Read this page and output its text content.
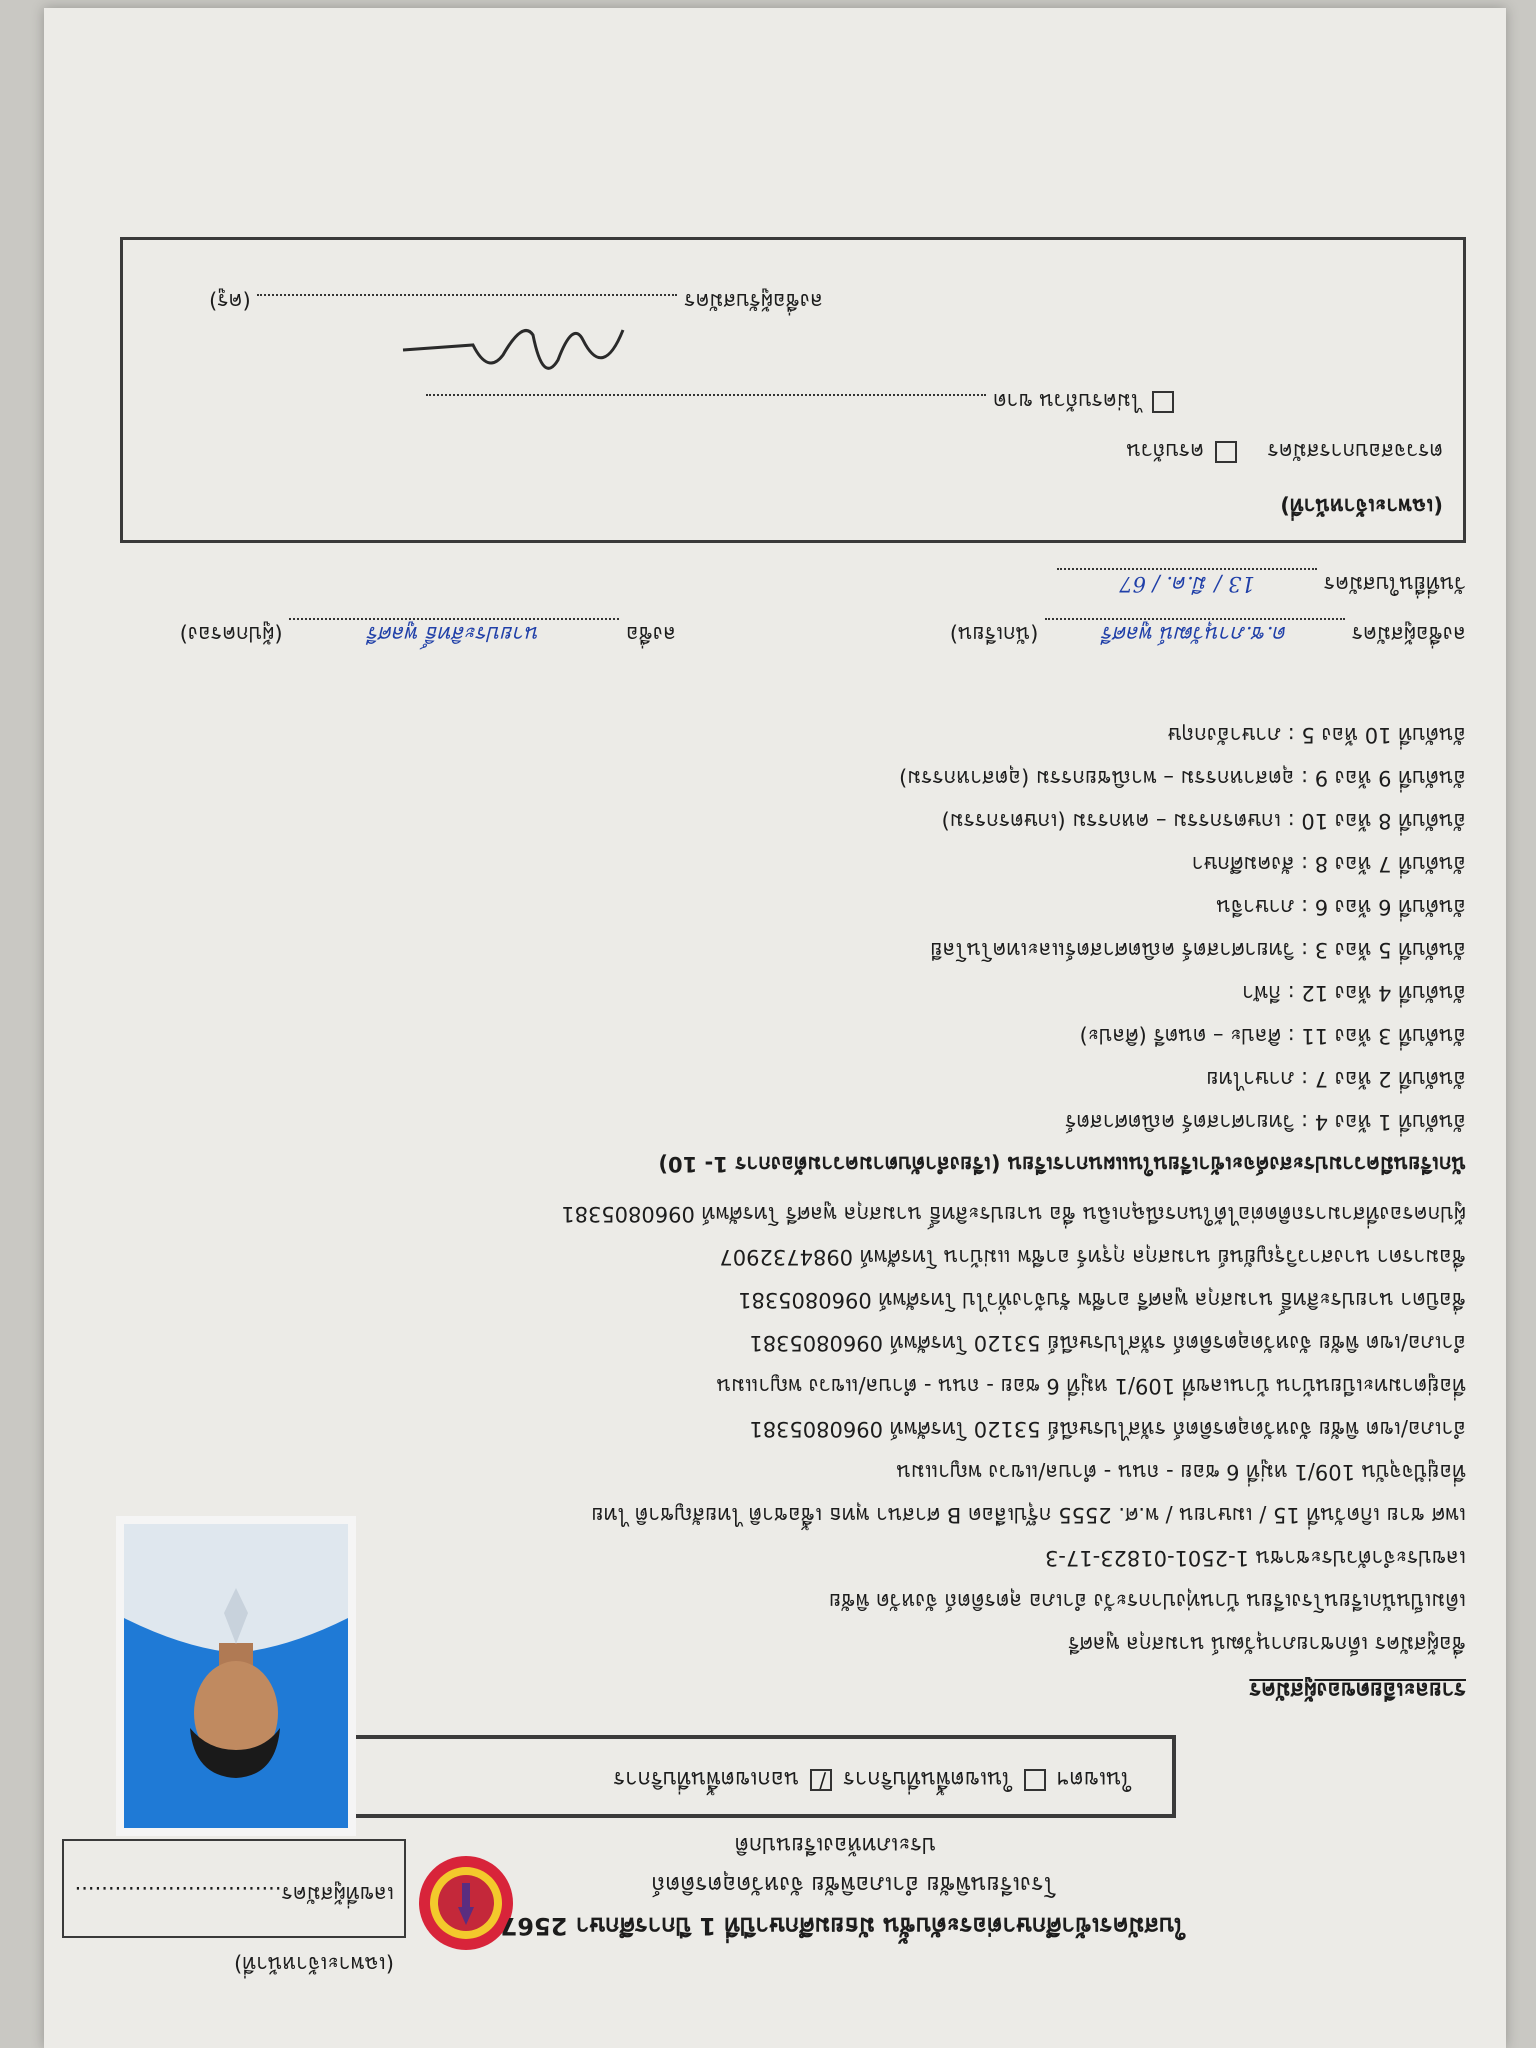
(เฉพาะเจ้าหน้าที่)
เลขที่ผู้สมัคร...............................
ใบสมัครเข้าศึกษาต่อระดับชั้น มัธยมศึกษาปีที่ 1 ปีการศึกษา 2567
โรงเรียนพิชัย อำเภอพิชัย จังหวัดอุตรดิตถ์
ประเภทห้องเรียนปกติ
ในเขตฯ  ในเขตพื้นที่บริการ / นอกเขตพื้นที่บริการ
รายละเอียดของผู้สมัคร
ชื่อผู้สมัคร เด็กชายภานุวัฒน์ นามสกุล พูลศรี
เดิมเป็นนักเรียนโรงเรียน บ้านทุ่งปากระวัง อำเภอ ลุตรดิตถ์ จังหวัด พิชัย
เลขประจำตัวประชาชน 1-2501-01823-17-3
เพศ ชาย เกิดวันที่ 15 / เมษายน / พ.ศ. 2555 กรุ๊ปเลือด B ศาสนา พุทธ เชื้อชาติ ไทยสัญชาติ ไทย
ที่อยู่ปัจจุบัน 109/1 หมู่ที่ 6 ซอย - ถนน - ตำบล/แขวง พญาแมน
อำเภอ/เขต พิชัย จังหวัดอุตรดิตถ์ รหัสไปรษณีย์ 53120 โทรศัพท์ 0960805381
ที่อยู่ตามทะเบียนบ้าน บ้านเลขที่ 109/1 หมู่ที่ 6 ซอย - ถนน - ตำบล/แขวง พญาแมน
อำเภอ/เขต พิชัย จังหวัดอุตรดิตถ์ รหัสไปรษณีย์ 53120 โทรศัพท์ 0960805381
ชื่อบิดา นายประสิทธิ์ นามสกุล พูลศรี อาชีพ รับจ้างทั่วไป โทรศัพท์ 0960805381
ชื่อมารดา นางสาววิรุญยันย์ นามสกุล กุรุทร์ อาชีพ แม่บ้าน โทรศัพท์ 0984732907
ผู้ปกครองที่สามารถติดต่อได้ในกรณีฉุกเฉิน ชื่อ นายประสิทธิ์ นามสกุล พูลศรี โทรศัพท์ 0960805381
นักเรียนมีความประสงค์จะเข้าเรียนในแผนการเรียน (เรียงลำดับตามความต้องการ 1- 10)
อันดับที่ 1 ห้อง 4 : วิทยาศาสตร์ คณิตศาสตร์
อันดับที่ 2 ห้อง 7 : ภาษาไทย
อันดับที่ 3 ห้อง 11 : ศิลปะ – ดนตรี (ศิลปะ)
อันดับที่ 4 ห้อง 12 : กีฬา
อันดับที่ 5 ห้อง 3 : วิทยาศาสตร์ คณิตศาสตร์และเทคโนโลยี
อันดับที่ 6 ห้อง 6 : ภาษาจีน
อันดับที่ 7 ห้อง 8 : สังคมศึกษา
อันดับที่ 8 ห้อง 10 : เกษตรกรรม – คหกรรม (เกษตรกรรม)
อันดับที่ 9 ห้อง 9 : อุตสาหกรรม – พาณิชยกรรม (อุตสาหกรรม)
อันดับที่ 10 ห้อง 5 : ภาษาอังกฤษ
ลงชื่อผู้สมัคร ด.ช.ภานุวัฒน์ พูลศรี (นักเรียน)
ลงชื่อ นายประสิทธิ์ พูลศรี (ผู้ปกครอง)
วันที่ยื่นใบสมัคร 13 / มี.ค. / 67
(เฉพาะเจ้าหน้าที่)
ตรวจสอบการสมัคร  ครบถ้วน
ไม่ครบถ้วน ขาด
ลงชื่อผู้รับสมัคร  (ครู)
